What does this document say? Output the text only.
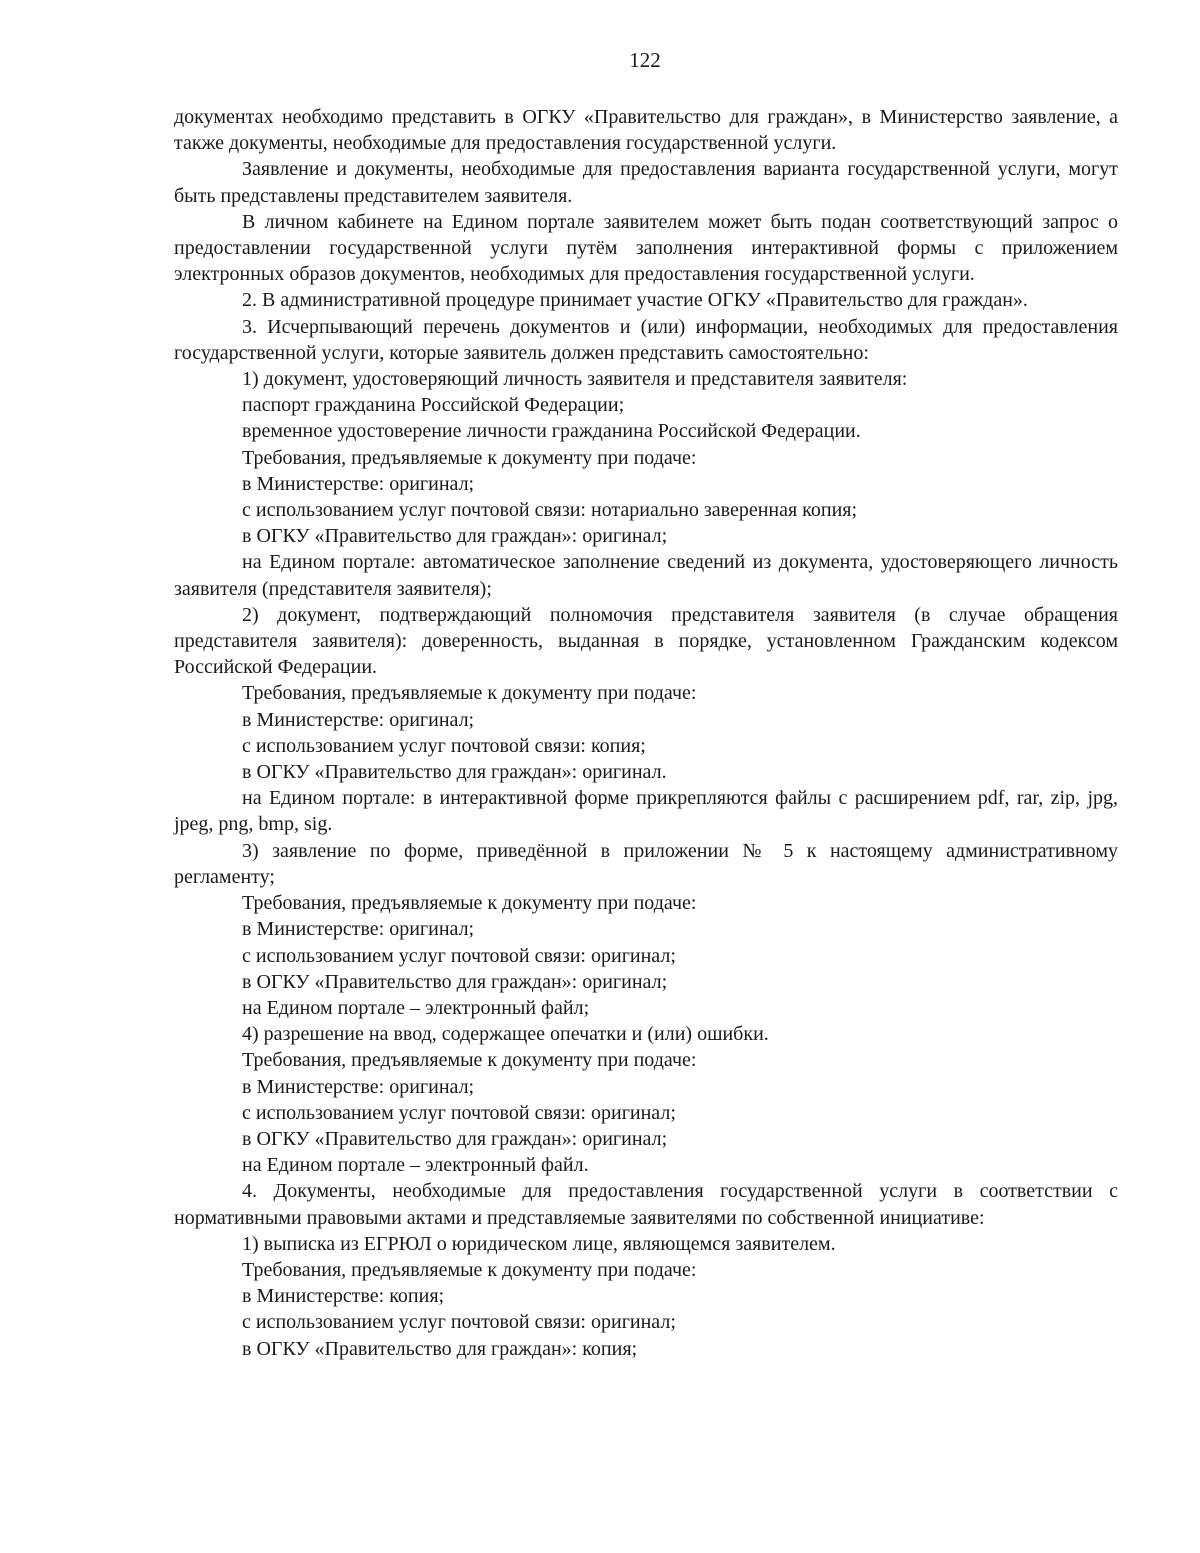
122

документах необходимо представить в ОГКУ «Правительство для граждан», в Министерство заявление, а также документы, необходимые для предоставления государственной услуги.

Заявление и документы, необходимые для предоставления варианта государственной услуги, могут быть представлены представителем заявителя.

В личном кабинете на Едином портале заявителем может быть подан соответствующий запрос о предоставлении государственной услуги путём заполнения интерактивной формы с приложением электронных образов документов, необходимых для предоставления государственной услуги.

2. В административной процедуре принимает участие ОГКУ «Правительство для граждан».

3. Исчерпывающий перечень документов и (или) информации, необходимых для предоставления государственной услуги, которые заявитель должен представить самостоятельно:

1) документ, удостоверяющий личность заявителя и представителя заявителя:

паспорт гражданина Российской Федерации;

временное удостоверение личности гражданина Российской Федерации.

Требования, предъявляемые к документу при подаче:

в Министерстве: оригинал;

с использованием услуг почтовой связи: нотариально заверенная копия;

в ОГКУ «Правительство для граждан»: оригинал;

на Едином портале: автоматическое заполнение сведений из документа, удостоверяющего личность заявителя (представителя заявителя);

2) документ, подтверждающий полномочия представителя заявителя (в случае обращения представителя заявителя): доверенность, выданная в порядке, установленном Гражданским кодексом Российской Федерации.

Требования, предъявляемые к документу при подаче:

в Министерстве: оригинал;

с использованием услуг почтовой связи: копия;

в ОГКУ «Правительство для граждан»: оригинал.

на Едином портале: в интерактивной форме прикрепляются файлы с расширением pdf, rar, zip, jpg, jpeg, png, bmp, sig.

3) заявление по форме, приведённой в приложении № 5 к настоящему административному регламенту;

Требования, предъявляемые к документу при подаче:

в Министерстве: оригинал;

с использованием услуг почтовой связи: оригинал;

в ОГКУ «Правительство для граждан»: оригинал;

на Едином портале – электронный файл;

4) разрешение на ввод, содержащее опечатки и (или) ошибки.

Требования, предъявляемые к документу при подаче:

в Министерстве: оригинал;

с использованием услуг почтовой связи: оригинал;

в ОГКУ «Правительство для граждан»: оригинал;

на Едином портале – электронный файл.

4. Документы, необходимые для предоставления государственной услуги в соответствии с нормативными правовыми актами и представляемые заявителями по собственной инициативе:

1) выписка из ЕГРЮЛ о юридическом лице, являющемся заявителем.

Требования, предъявляемые к документу при подаче:

в Министерстве: копия;

с использованием услуг почтовой связи: оригинал;

в ОГКУ «Правительство для граждан»: копия;
